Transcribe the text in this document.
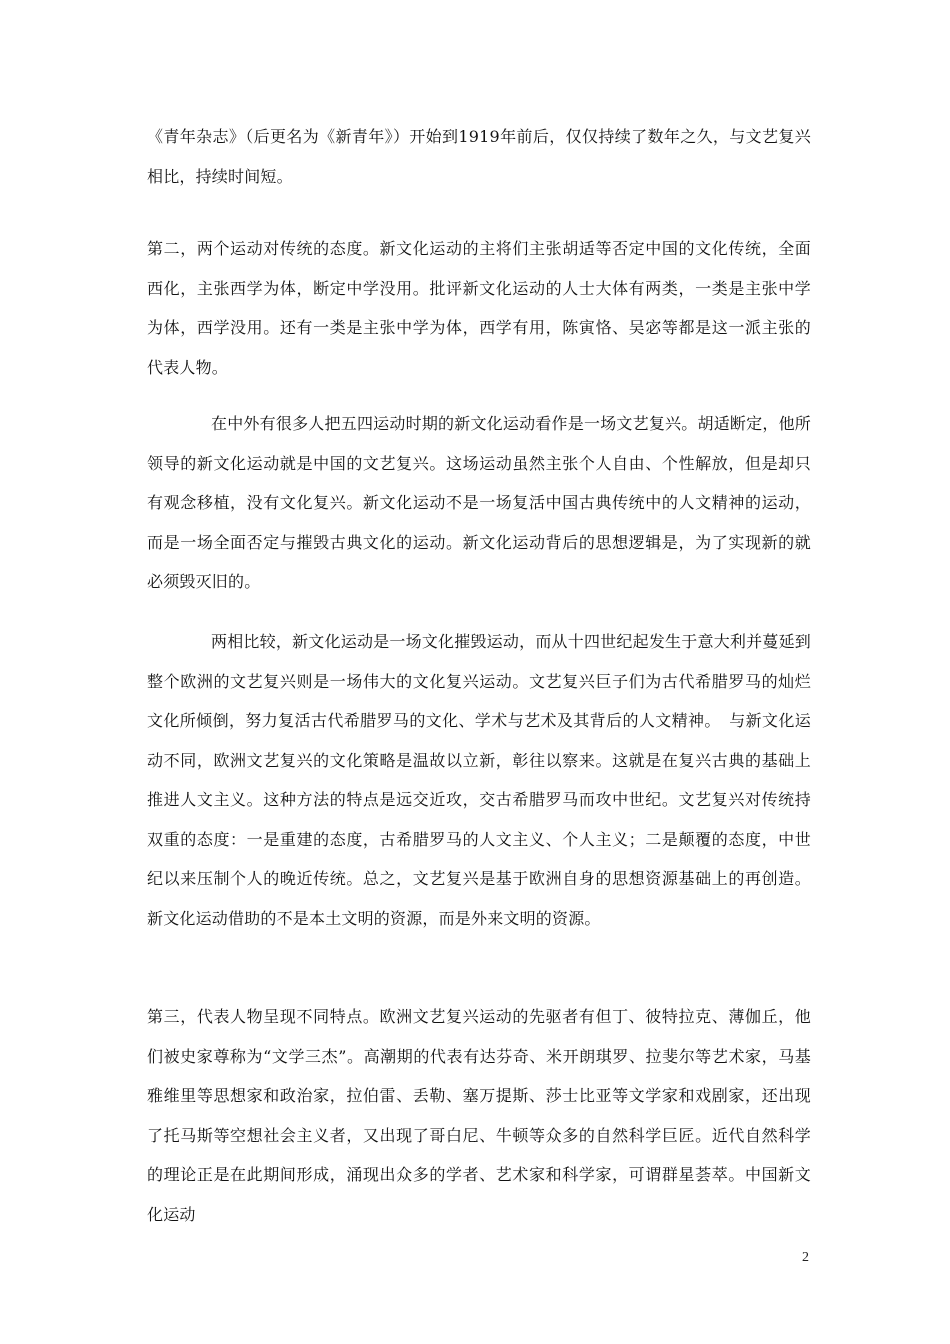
《青年杂志》（后更名为《新青年》）开始到1919年前后，仅仅持续了数年之久，与文艺复兴相比，持续时间短。

第二，两个运动对传统的态度。新文化运动的主将们主张胡适等否定中国的文化传统，全面西化，主张西学为体，断定中学没用。批评新文化运动的人士大体有两类，一类是主张中学为体，西学没用。还有一类是主张中学为体，西学有用，陈寅恪、吴宓等都是这一派主张的代表人物。

在中外有很多人把五四运动时期的新文化运动看作是一场文艺复兴。胡适断定，他所领导的新文化运动就是中国的文艺复兴。这场运动虽然主张个人自由、个性解放，但是却只有观念移植，没有文化复兴。新文化运动不是一场复活中国古典传统中的人文精神的运动，而是一场全面否定与摧毁古典文化的运动。新文化运动背后的思想逻辑是，为了实现新的就必须毁灭旧的。

两相比较，新文化运动是一场文化摧毁运动，而从十四世纪起发生于意大利并蔓延到整个欧洲的文艺复兴则是一场伟大的文化复兴运动。文艺复兴巨子们为古代希腊罗马的灿烂文化所倾倒，努力复活古代希腊罗马的文化、学术与艺术及其背后的人文精神。　与新文化运动不同，欧洲文艺复兴的文化策略是温故以立新，彰往以察来。这就是在复兴古典的基础上推进人文主义。这种方法的特点是远交近攻，交古希腊罗马而攻中世纪。文艺复兴对传统持双重的态度：一是重建的态度，古希腊罗马的人文主义、个人主义；二是颠覆的态度，中世纪以来压制个人的晚近传统。总之，文艺复兴是基于欧洲自身的思想资源基础上的再创造。新文化运动借助的不是本土文明的资源，而是外来文明的资源。

第三，代表人物呈现不同特点。欧洲文艺复兴运动的先驱者有但丁、彼特拉克、薄伽丘，他们被史家尊称为“文学三杰”。高潮期的代表有达芬奇、米开朗琪罗、拉斐尔等艺术家，马基雅维里等思想家和政治家，拉伯雷、丢勒、塞万提斯、莎士比亚等文学家和戏剧家，还出现了托马斯等空想社会主义者，又出现了哥白尼、牛顿等众多的自然科学巨匠。近代自然科学的理论正是在此期间形成，涌现出众多的学者、艺术家和科学家，可谓群星荟萃。中国新文化运动

2
